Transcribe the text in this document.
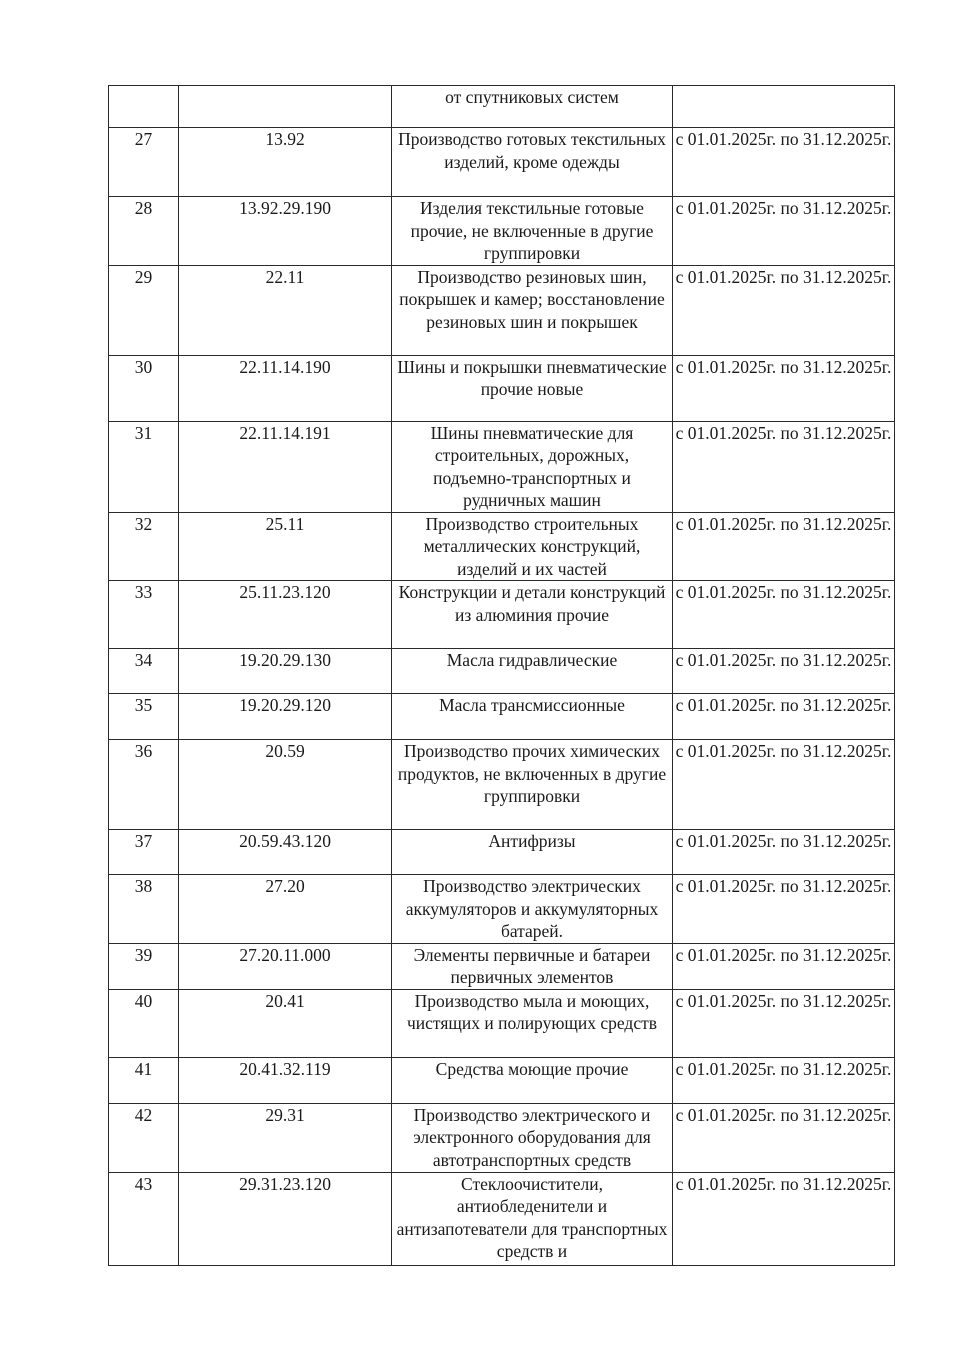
		от спутниковых систем	
27	13.92	Производство готовых текстильных изделий, кроме одежды	с 01.01.2025г. по 31.12.2025г.
28	13.92.29.190	Изделия текстильные готовые прочие, не включенные в другие группировки	с 01.01.2025г. по 31.12.2025г.
29	22.11	Производство резиновых шин, покрышек и камер; восстановление резиновых шин и покрышек	с 01.01.2025г. по 31.12.2025г.
30	22.11.14.190	Шины и покрышки пневматические прочие новые	с 01.01.2025г. по 31.12.2025г.
31	22.11.14.191	Шины пневматические для строительных, дорожных, подъемно-транспортных и рудничных машин	с 01.01.2025г. по 31.12.2025г.
32	25.11	Производство строительных металлических конструкций, изделий и их частей	с 01.01.2025г. по 31.12.2025г.
33	25.11.23.120	Конструкции и детали конструкций из алюминия прочие	с 01.01.2025г. по 31.12.2025г.
34	19.20.29.130	Масла гидравлические	с 01.01.2025г. по 31.12.2025г.
35	19.20.29.120	Масла трансмиссионные	с 01.01.2025г. по 31.12.2025г.
36	20.59	Производство прочих химических продуктов, не включенных в другие группировки	с 01.01.2025г. по 31.12.2025г.
37	20.59.43.120	Антифризы	с 01.01.2025г. по 31.12.2025г.
38	27.20	Производство электрических аккумуляторов и аккумуляторных батарей.	с 01.01.2025г. по 31.12.2025г.
39	27.20.11.000	Элементы первичные и батареи первичных элементов	с 01.01.2025г. по 31.12.2025г.
40	20.41	Производство мыла и моющих, чистящих и полирующих средств	с 01.01.2025г. по 31.12.2025г.
41	20.41.32.119	Средства моющие прочие	с 01.01.2025г. по 31.12.2025г.
42	29.31	Производство электрического и электронного оборудования для автотранспортных средств	с 01.01.2025г. по 31.12.2025г.
43	29.31.23.120	Стеклоочистители, антиобледенители и антизапотеватели для транспортных средств и	с 01.01.2025г. по 31.12.2025г.
